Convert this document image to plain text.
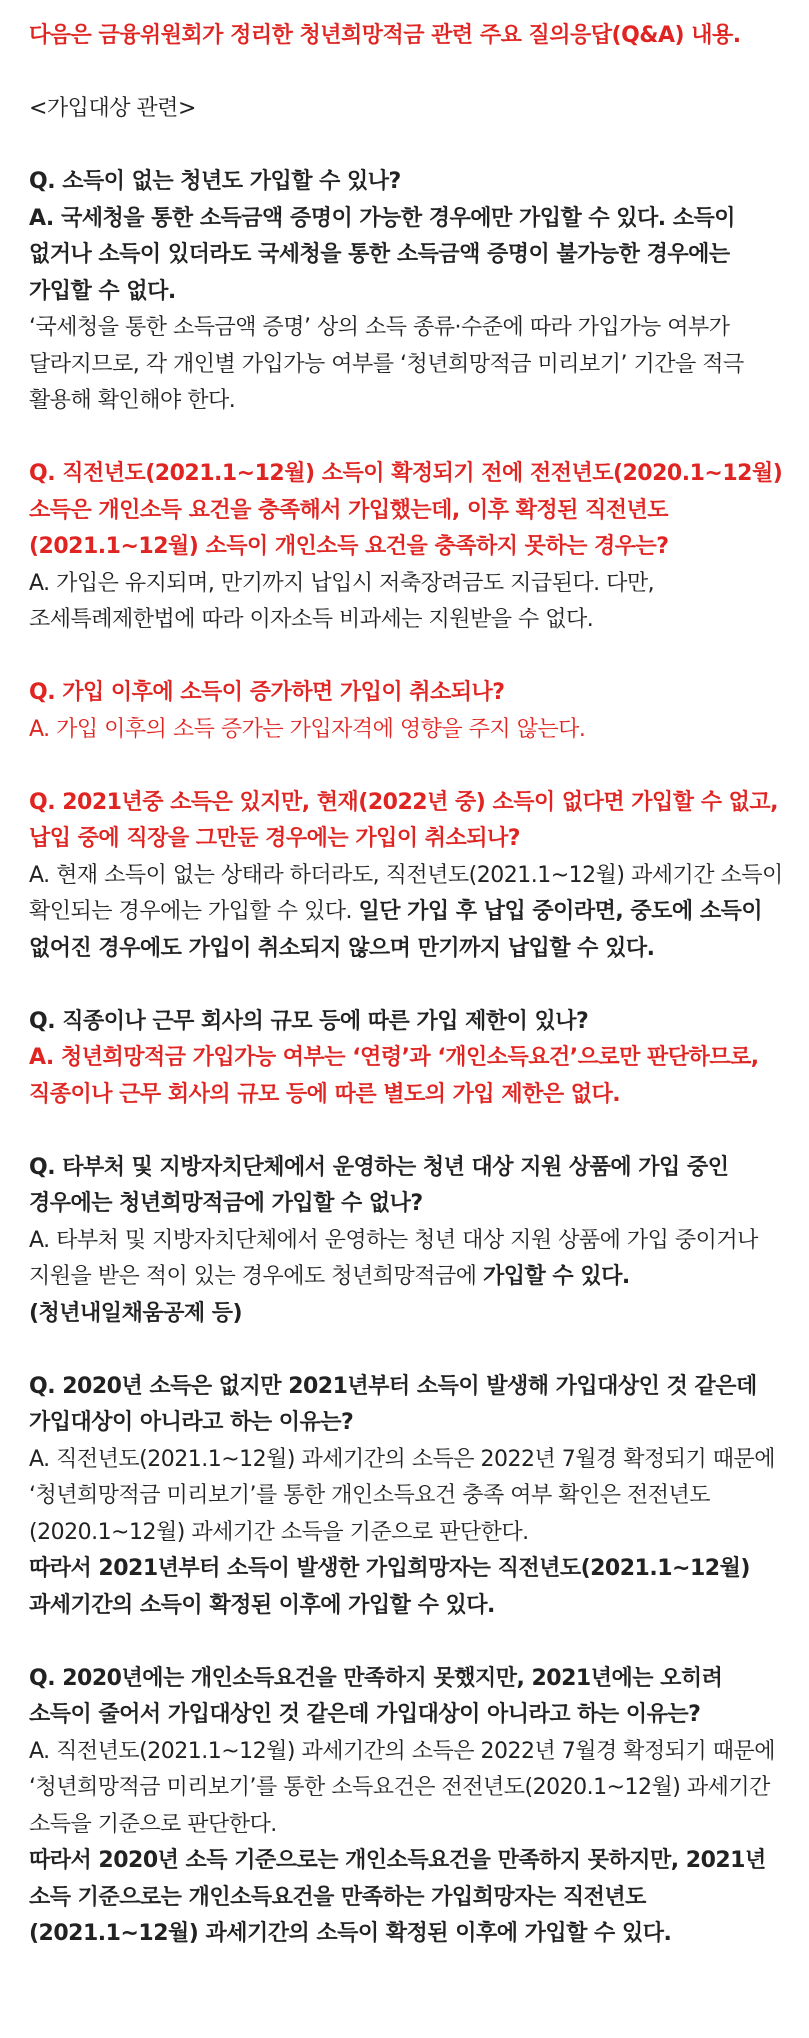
다음은 금융위원회가 정리한 청년희망적금 관련 주요 질의응답(Q&A) 내용.

<가입대상 관련>

Q. 소득이 없는 청년도 가입할 수 있나?

A. 국세청을 통한 소득금액 증명이 가능한 경우에만 가입할 수 있다. 소득이 없거나 소득이 있더라도 국세청을 통한 소득금액 증명이 불가능한 경우에는 가입할 수 없다.

‘국세청을 통한 소득금액 증명’ 상의 소득 종류·수준에 따라 가입가능 여부가 달라지므로, 각 개인별 가입가능 여부를 ‘청년희망적금 미리보기’ 기간을 적극 활용해 확인해야 한다.

Q. 직전년도(2021.1~12월) 소득이 확정되기 전에 전전년도(2020.1~12월) 소득은 개인소득 요건을 충족해서 가입했는데, 이후 확정된 직전년도(2021.1~12월) 소득이 개인소득 요건을 충족하지 못하는 경우는?

A. 가입은 유지되며, 만기까지 납입시 저축장려금도 지급된다. 다만, 조세특례제한법에 따라 이자소득 비과세는 지원받을 수 없다.

Q. 가입 이후에 소득이 증가하면 가입이 취소되나?

A. 가입 이후의 소득 증가는 가입자격에 영향을 주지 않는다.

Q. 2021년중 소득은 있지만, 현재(2022년 중) 소득이 없다면 가입할 수 없고, 납입 중에 직장을 그만둔 경우에는 가입이 취소되나?

A. 현재 소득이 없는 상태라 하더라도, 직전년도(2021.1~12월) 과세기간 소득이 확인되는 경우에는 가입할 수 있다. 일단 가입 후 납입 중이라면, 중도에 소득이 없어진 경우에도 가입이 취소되지 않으며 만기까지 납입할 수 있다.

Q. 직종이나 근무 회사의 규모 등에 따른 가입 제한이 있나?

A. 청년희망적금 가입가능 여부는 ‘연령’과 ‘개인소득요건’으로만 판단하므로, 직종이나 근무 회사의 규모 등에 따른 별도의 가입 제한은 없다.

Q. 타부처 및 지방자치단체에서 운영하는 청년 대상 지원 상품에 가입 중인 경우에는 청년희망적금에 가입할 수 없나?

A. 타부처 및 지방자치단체에서 운영하는 청년 대상 지원 상품에 가입 중이거나 지원을 받은 적이 있는 경우에도 청년희망적금에 가입할 수 있다.

(청년내일채움공제 등)

Q. 2020년 소득은 없지만 2021년부터 소득이 발생해 가입대상인 것 같은데 가입대상이 아니라고 하는 이유는?

A. 직전년도(2021.1~12월) 과세기간의 소득은 2022년 7월경 확정되기 때문에 ‘청년희망적금 미리보기’를 통한 개인소득요건 충족 여부 확인은 전전년도(2020.1~12월) 과세기간 소득을 기준으로 판단한다.

따라서 2021년부터 소득이 발생한 가입희망자는 직전년도(2021.1~12월) 과세기간의 소득이 확정된 이후에 가입할 수 있다.

Q. 2020년에는 개인소득요건을 만족하지 못했지만, 2021년에는 오히려 소득이 줄어서 가입대상인 것 같은데 가입대상이 아니라고 하는 이유는?

A. 직전년도(2021.1~12월) 과세기간의 소득은 2022년 7월경 확정되기 때문에 ‘청년희망적금 미리보기’를 통한 소득요건은 전전년도(2020.1~12월) 과세기간 소득을 기준으로 판단한다.

따라서 2020년 소득 기준으로는 개인소득요건을 만족하지 못하지만, 2021년 소득 기준으로는 개인소득요건을 만족하는 가입희망자는 직전년도(2021.1~12월) 과세기간의 소득이 확정된 이후에 가입할 수 있다.
